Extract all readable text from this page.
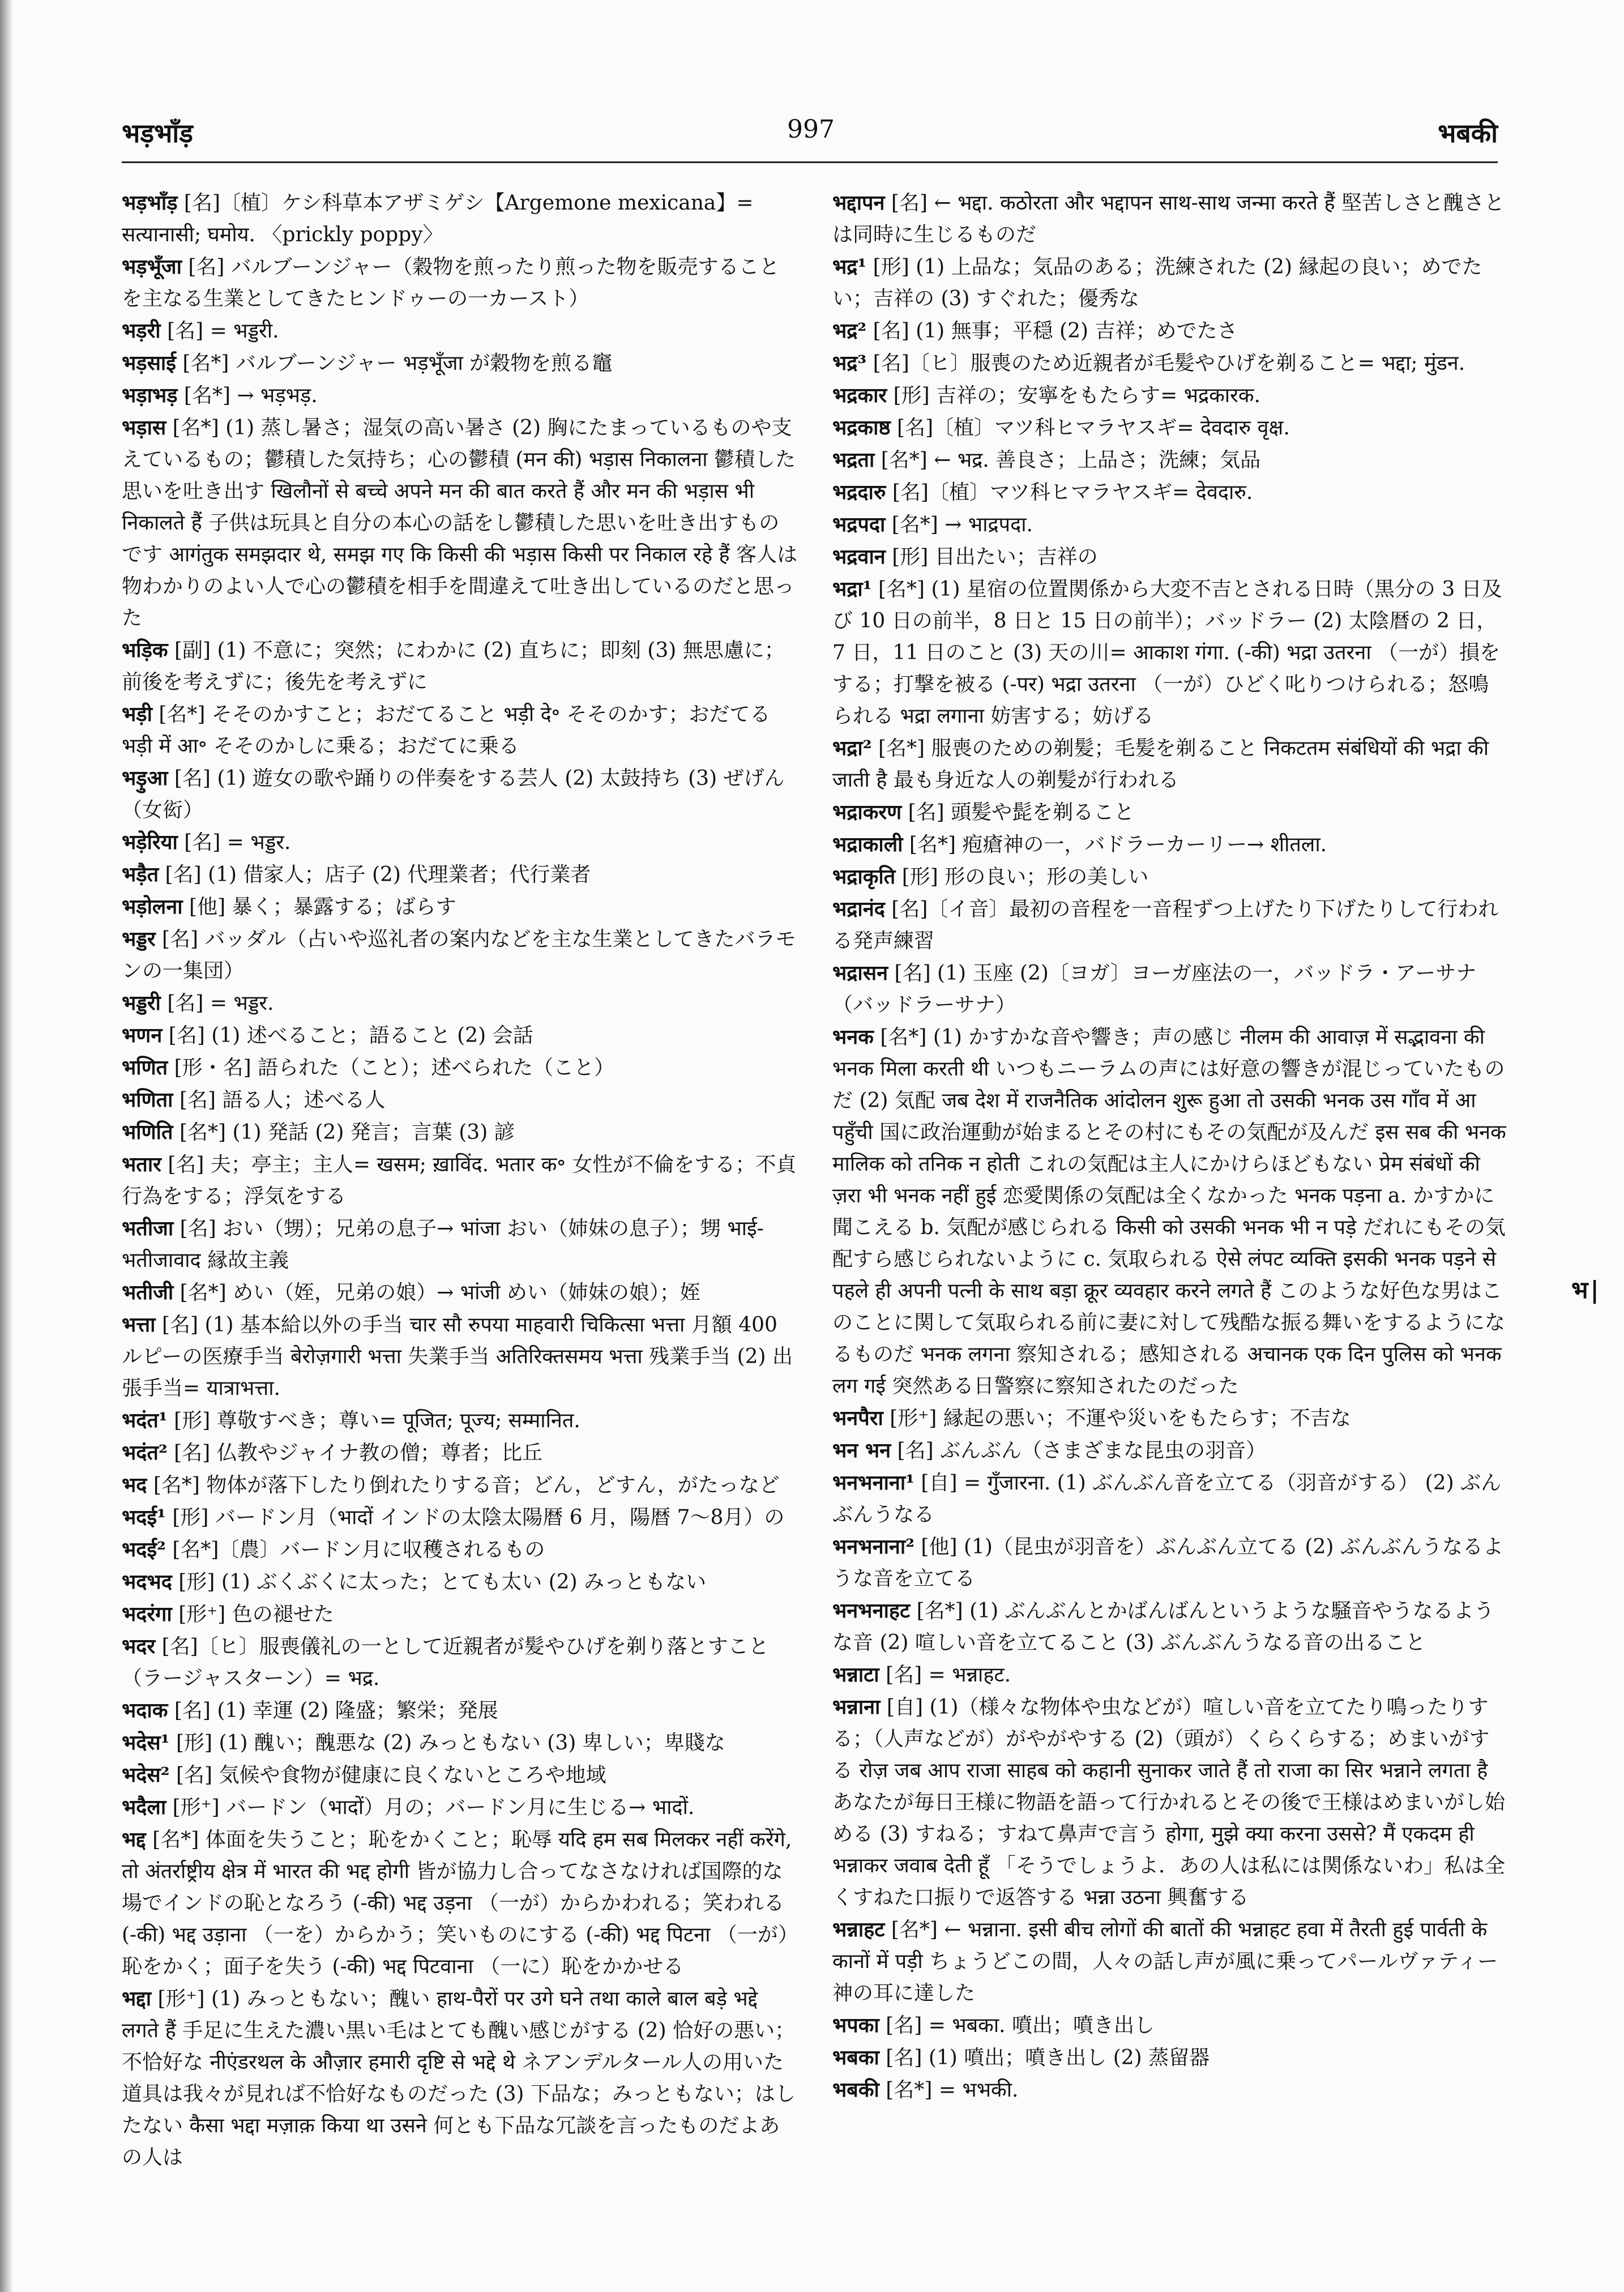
भड़भाँड़	997	भबकी

भड़भाँड़ [名]〔植〕ケシ科草本アザミゲシ【Argemone mexicana】= सत्यानासी; घमोय. 〈prickly poppy〉

भड़भूँजा [名] バルブーンジャー（穀物を煎ったり煎った物を販売することを主なる生業としてきたヒンドゥーの一カースト）

भड़री [名] = भड्डरी.

भड़साई [名*] バルブーンジャー भड़भूँजा が穀物を煎る竈

भड़ाभड़ [名*] → भड़भड़.

भड़ास [名*] (1) 蒸し暑さ；湿気の高い暑さ (2) 胸にたまっているものや支えているもの；鬱積した気持ち；心の鬱積 (मन की) भड़ास निकालना 鬱積した思いを吐き出す खिलौनों से बच्चे अपने मन की बात करते हैं और मन की भड़ास भी निकालते हैं 子供は玩具と自分の本心の話をし鬱積した思いを吐き出すものです आगंतुक समझदार थे, समझ गए कि किसी की भड़ास किसी पर निकाल रहे हैं 客人は物わかりのよい人で心の鬱積を相手を間違えて吐き出しているのだと思った

भड़िक [副] (1) 不意に；突然；にわかに (2) 直ちに；即刻 (3) 無思慮に；前後を考えずに；後先を考えずに

भड़ी [名*] そそのかすこと；おだてること भड़ी दे॰ そそのかす；おだてる भड़ी में आ॰ そそのかしに乗る；おだてに乗る

भड़ुआ [名] (1) 遊女の歌や踊りの伴奏をする芸人 (2) 太鼓持ち (3) ぜげん（女衒）

भड़ेरिया [名] = भड्डर.

भड़ैत [名] (1) 借家人；店子 (2) 代理業者；代行業者

भड़ोलना [他] 暴く；暴露する；ばらす

भड्डर [名] バッダル（占いや巡礼者の案内などを主な生業としてきたバラモンの一集団）

भड्डरी [名] = भड्डर.

भणन [名] (1) 述べること；語ること (2) 会話

भणित [形・名] 語られた（こと）；述べられた（こと）

भणिता [名] 語る人；述べる人

भणिति [名*] (1) 発話 (2) 発言；言葉 (3) 諺

भतार [名] 夫；亭主；主人= खसम; ख़ाविंद. भतार क॰ 女性が不倫をする；不貞行為をする；浮気をする

भतीजा [名] おい（甥）；兄弟の息子→ भांजा おい（姉妹の息子）；甥 भाई-भतीजावाद 縁故主義

भतीजी [名*] めい（姪，兄弟の娘）→ भांजी めい（姉妹の娘）；姪

भत्ता [名] (1) 基本給以外の手当 चार सौ रुपया माहवारी चिकित्सा भत्ता 月額 400 ルピーの医療手当 बेरोज़गारी भत्ता 失業手当 अतिरिक्तसमय भत्ता 残業手当 (2) 出張手当= यात्राभत्ता.

भदंत¹ [形] 尊敬すべき；尊い= पूजित; पूज्य; सम्मानित.

भदंत² [名] 仏教やジャイナ教の僧；尊者；比丘

भद [名*] 物体が落下したり倒れたりする音；どん，どすん，がたっなど

भदई¹ [形] バードン月（भादों インドの太陰太陽暦 6 月，陽暦 7〜8月）の

भदई² [名*]〔農〕バードン月に収穫されるもの

भदभद [形] (1) ぶくぶくに太った；とても太い (2) みっともない

भदरंगा [形⁺] 色の褪せた

भदर [名]〔ヒ〕服喪儀礼の一として近親者が髪やひげを剃り落とすこと（ラージャスターン）= भद्र.

भदाक [名] (1) 幸運 (2) 隆盛；繁栄；発展

भदेस¹ [形] (1) 醜い；醜悪な (2) みっともない (3) 卑しい；卑賤な

भदेस² [名] 気候や食物が健康に良くないところや地域

भदैला [形⁺] バードン（भादों）月の；バードン月に生じる→ भादों.

भद्द [名*] 体面を失うこと；恥をかくこと；恥辱 यदि हम सब मिलकर नहीं करेंगे, तो अंतर्राष्ट्रीय क्षेत्र में भारत की भद्द होगी 皆が協力し合ってなさなければ国際的な場でインドの恥となろう (-की) भद्द उड़ना （一が）からかわれる；笑われる (-की) भद्द उड़ाना （一を）からかう；笑いものにする (-की) भद्द पिटना （一が）恥をかく；面子を失う (-की) भद्द पिटवाना （一に）恥をかかせる

भद्दा [形⁺] (1) みっともない；醜い हाथ-पैरों पर उगे घने तथा काले बाल बड़े भद्दे लगते हैं 手足に生えた濃い黒い毛はとても醜い感じがする (2) 恰好の悪い；不恰好な नीएंडरथल के औज़ार हमारी दृष्टि से भद्दे थे ネアンデルタール人の用いた道具は我々が見れば不恰好なものだった (3) 下品な；みっともない；はしたない कैसा भद्दा मज़ाक़ किया था उसने 何とも下品な冗談を言ったものだよあの人は

भद्दापन [名] ← भद्दा. कठोरता और भद्दापन साथ-साथ जन्मा करते हैं 堅苦しさと醜さとは同時に生じるものだ

भद्र¹ [形] (1) 上品な；気品のある；洗練された (2) 縁起の良い；めでたい；吉祥の (3) すぐれた；優秀な

भद्र² [名] (1) 無事；平穏 (2) 吉祥；めでたさ

भद्र³ [名]〔ヒ〕服喪のため近親者が毛髪やひげを剃ること= भद्दा; मुंडन.

भद्रकार [形] 吉祥の；安寧をもたらす= भद्रकारक.

भद्रकाष्ठ [名]〔植〕マツ科ヒマラヤスギ= देवदारु वृक्ष.

भद्रता [名*] ← भद्र. 善良さ；上品さ；洗練；気品

भद्रदारु [名]〔植〕マツ科ヒマラヤスギ= देवदारु.

भद्रपदा [名*] → भाद्रपदा.

भद्रवान [形] 目出たい；吉祥の

भद्रा¹ [名*] (1) 星宿の位置関係から大変不吉とされる日時（黒分の 3 日及び 10 日の前半，8 日と 15 日の前半）；バッドラー (2) 太陰暦の 2 日，7 日，11 日のこと (3) 天の川= आकाश गंगा. (-की) भद्रा उतरना （一が）損をする；打撃を被る (-पर) भद्रा उतरना （一が）ひどく叱りつけられる；怒鳴られる भद्रा लगाना 妨害する；妨げる

भद्रा² [名*] 服喪のための剃髪；毛髪を剃ること निकटतम संबंधियों की भद्रा की जाती है 最も身近な人の剃髪が行われる

भद्राकरण [名] 頭髪や髭を剃ること

भद्राकाली [名*] 疱瘡神の一，バドラーカーリー→ शीतला.

भद्राकृति [形] 形の良い；形の美しい

भद्रानंद [名]〔イ音〕最初の音程を一音程ずつ上げたり下げたりして行われる発声練習

भद्रासन [名] (1) 玉座 (2)〔ヨガ〕ヨーガ座法の一，バッドラ・アーサナ（バッドラーサナ）

भनक [名*] (1) かすかな音や響き；声の感じ नीलम की आवाज़ में सद्भावना की भनक मिला करती थी いつもニーラムの声には好意の響きが混じっていたものだ (2) 気配 जब देश में राजनैतिक आंदोलन शुरू हुआ तो उसकी भनक उस गाँव में आ पहुँची 国に政治運動が始まるとその村にもその気配が及んだ इस सब की भनक मालिक को तनिक न होती これの気配は主人にかけらほどもない प्रेम संबंधों की ज़रा भी भनक नहीं हुई 恋愛関係の気配は全くなかった भनक पड़ना a. かすかに聞こえる b. 気配が感じられる किसी को उसकी भनक भी न पड़े だれにもその気配すら感じられないように c. 気取られる ऐसे लंपट व्यक्ति इसकी भनक पड़ने से पहले ही अपनी पत्नी के साथ बड़ा क्रूर व्यवहार करने लगते हैं このような好色な男はこのことに関して気取られる前に妻に対して残酷な振る舞いをするようになるものだ भनक लगना 察知される；感知される अचानक एक दिन पुलिस को भनक लग गई 突然ある日警察に察知されたのだった

भनपैरा [形⁺] 縁起の悪い；不運や災いをもたらす；不吉な

भन भन [名] ぶんぶん（さまざまな昆虫の羽音）

भनभनाना¹ [自] = गुँजारना. (1) ぶんぶん音を立てる（羽音がする） (2) ぶんぶんうなる

भनभनाना² [他] (1)（昆虫が羽音を）ぶんぶん立てる (2) ぶんぶんうなるような音を立てる

भनभनाहट [名*] (1) ぶんぶんとかばんばんというような騒音やうなるような音 (2) 喧しい音を立てること (3) ぶんぶんうなる音の出ること

भन्नाटा [名] = भन्नाहट.

भन्नाना [自] (1)（様々な物体や虫などが）喧しい音を立てたり鳴ったりする；（人声などが）がやがやする (2)（頭が）くらくらする；めまいがする रोज़ जब आप राजा साहब को कहानी सुनाकर जाते हैं तो राजा का सिर भन्नाने लगता है あなたが毎日王様に物語を語って行かれるとその後で王様はめまいがし始める (3) すねる；すねて鼻声で言う होगा, मुझे क्या करना उससे? मैं एकदम ही भन्नाकर जवाब देती हूँ 「そうでしょうよ．あの人は私には関係ないわ」私は全くすねた口振りで返答する भन्ना उठना 興奮する

भन्नाहट [名*] ← भन्नाना. इसी बीच लोगों की बातों की भन्नाहट हवा में तैरती हुई पार्वती के कानों में पड़ी ちょうどこの間，人々の話し声が風に乗ってパールヴァティー神の耳に達した

भपका [名] = भबका. 噴出；噴き出し

भबका [名] (1) 噴出；噴き出し (2) 蒸留器

भबकी [名*] = भभकी.

भ|
